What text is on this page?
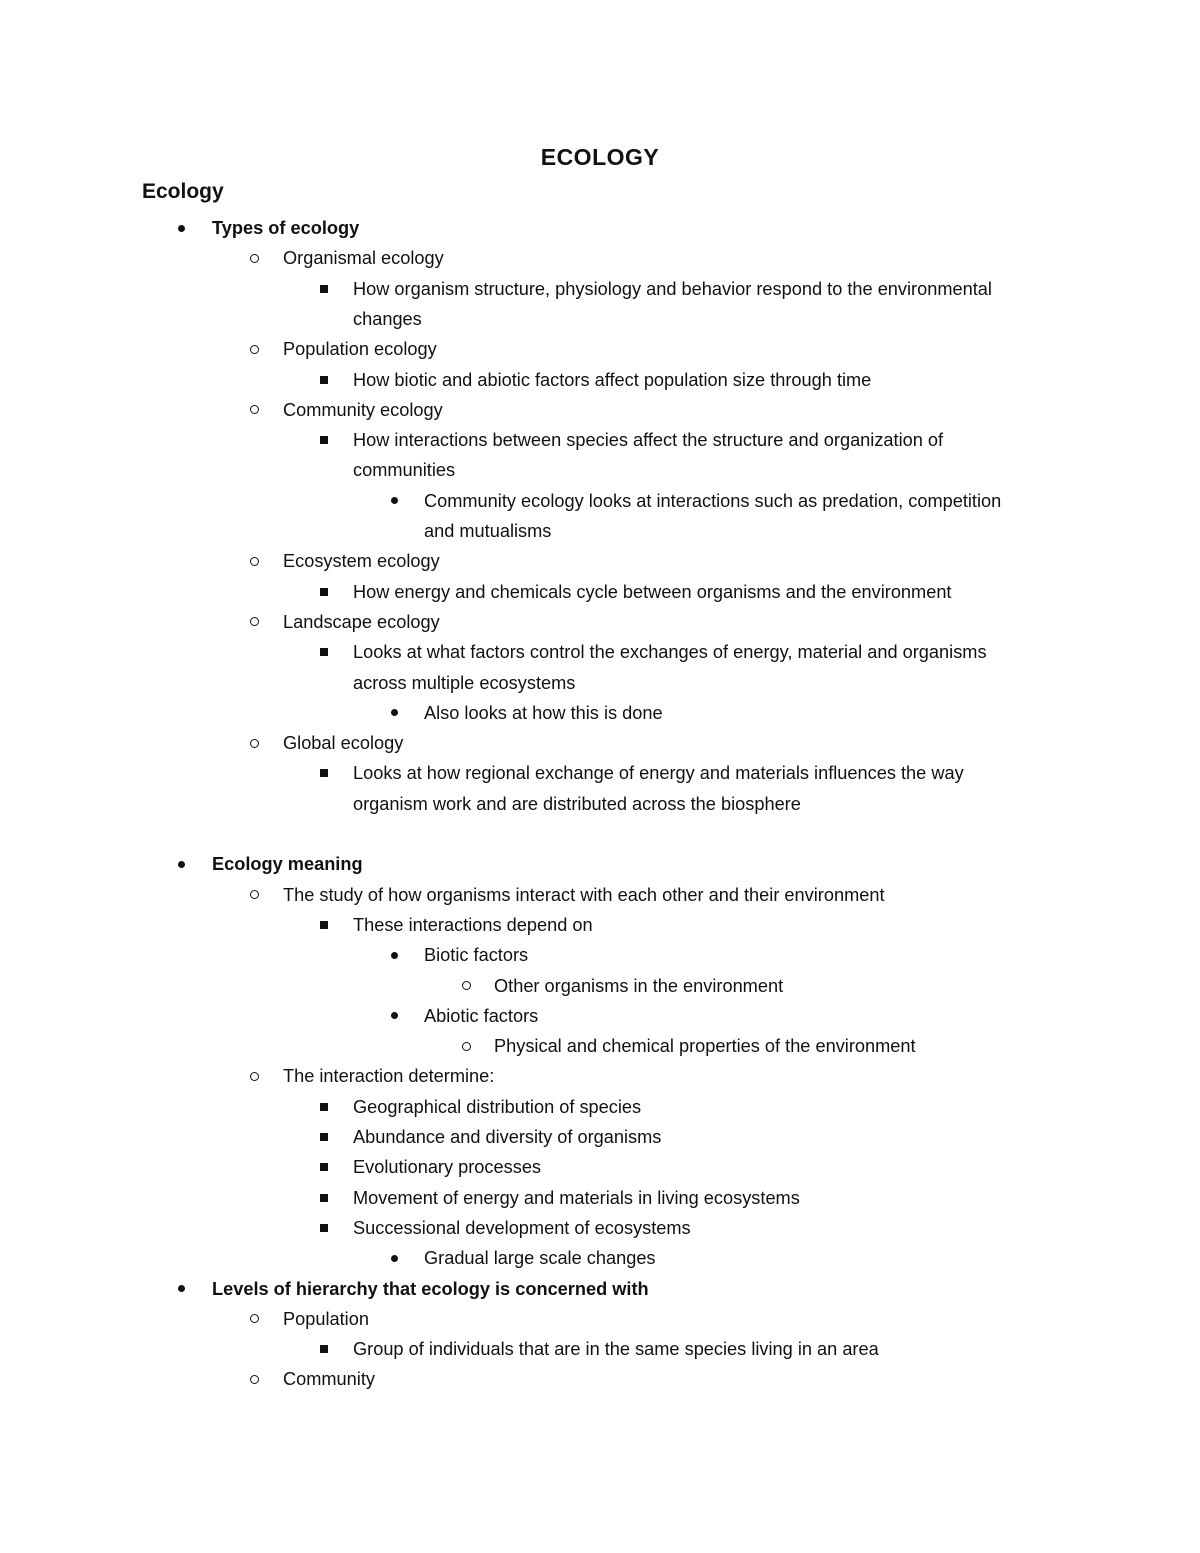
ECOLOGY
Ecology
Types of ecology
Organismal ecology
How organism structure, physiology and behavior respond to the environmental
changes
Population ecology
How biotic and abiotic factors affect population size through time
Community ecology
How interactions between species affect the structure and organization of
communities
Community ecology looks at interactions such as predation, competition
and mutualisms
Ecosystem ecology
How energy and chemicals cycle between organisms and the environment
Landscape ecology
Looks at what factors control the exchanges of energy, material and organisms
across multiple ecosystems
Also looks at how this is done
Global ecology
Looks at how regional exchange of energy and materials influences the way
organism work and are distributed across the biosphere
Ecology meaning
The study of how organisms interact with each other and their environment
These interactions depend on
Biotic factors
Other organisms in the environment
Abiotic factors
Physical and chemical properties of the environment
The interaction determine:
Geographical distribution of species
Abundance and diversity of organisms
Evolutionary processes
Movement of energy and materials in living ecosystems
Successional development of ecosystems
Gradual large scale changes
Levels of hierarchy that ecology is concerned with
Population
Group of individuals that are in the same species living in an area
Community
